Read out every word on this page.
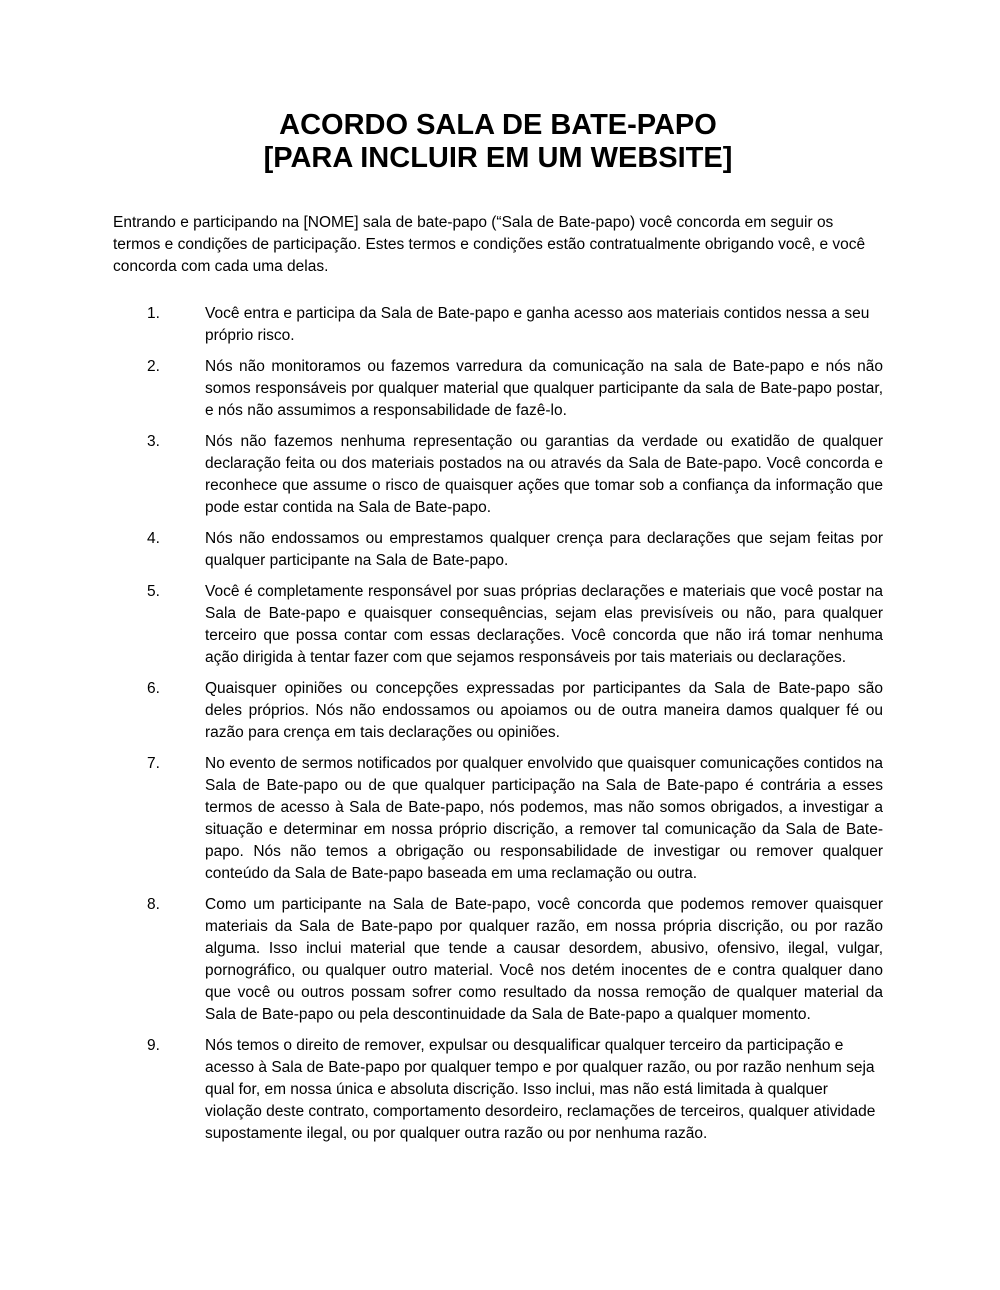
ACORDO SALA DE BATE-PAPO
[PARA INCLUIR EM UM WEBSITE]

Entrando e participando na [NOME] sala de bate-papo (“Sala de Bate-papo) você concorda em seguir os termos e condições de participação. Estes termos e condições estão contratualmente obrigando você, e você concorda com cada uma delas.

1.	Você entra e participa da Sala de Bate-papo e ganha acesso aos materiais contidos nessa a seu próprio risco.
2.	Nós não monitoramos ou fazemos varredura da comunicação na sala de Bate-papo e nós não somos responsáveis por qualquer material que qualquer participante da sala de Bate-papo postar, e nós não assumimos a responsabilidade de fazê-lo.
3.	Nós não fazemos nenhuma representação ou garantias da verdade ou exatidão de qualquer declaração feita ou dos materiais postados na ou através da Sala de Bate-papo. Você concorda e reconhece que assume o risco de quaisquer ações que tomar sob a confiança da informação que pode estar contida na Sala de Bate-papo.
4.	Nós não endossamos ou emprestamos qualquer crença para declarações que sejam feitas por qualquer participante na Sala de Bate-papo.
5.	Você é completamente responsável por suas próprias declarações e materiais que você postar na Sala de Bate-papo e quaisquer consequências, sejam elas previsíveis ou não, para qualquer terceiro que possa contar com essas declarações. Você concorda que não irá tomar nenhuma ação dirigida à tentar fazer com que sejamos responsáveis por tais materiais ou declarações.
6.	Quaisquer opiniões ou concepções expressadas por participantes da Sala de Bate-papo são deles próprios. Nós não endossamos ou apoiamos ou de outra maneira damos qualquer fé ou razão para crença em tais declarações ou opiniões.
7.	No evento de sermos notificados por qualquer envolvido que quaisquer comunicações contidos na Sala de Bate-papo ou de que qualquer participação na Sala de Bate-papo é contrária a esses termos de acesso à Sala de Bate-papo, nós podemos, mas não somos obrigados, a investigar a situação e determinar em nossa próprio discrição, a remover tal comunicação da Sala de Bate-papo. Nós não temos a obrigação ou responsabilidade de investigar ou remover qualquer conteúdo da Sala de Bate-papo baseada em uma reclamação ou outra.
8.	Como um participante na Sala de Bate-papo, você concorda que podemos remover quaisquer materiais da Sala de Bate-papo por qualquer razão, em nossa própria discrição, ou por razão alguma. Isso inclui material que tende a causar desordem, abusivo, ofensivo, ilegal, vulgar, pornográfico, ou qualquer outro material. Você nos detém inocentes de e contra qualquer dano que você ou outros possam sofrer como resultado da nossa remoção de qualquer material da Sala de Bate-papo ou pela descontinuidade da Sala de Bate-papo a qualquer momento.
9.	Nós temos o direito de remover, expulsar ou desqualificar qualquer terceiro da participação e acesso à Sala de Bate-papo por qualquer tempo e por qualquer razão, ou por razão nenhum seja qual for, em nossa única e absoluta discrição. Isso inclui, mas não está limitada à qualquer violação deste contrato, comportamento desordeiro, reclamações de terceiros, qualquer atividade supostamente ilegal, ou por qualquer outra razão ou por nenhuma razão.
